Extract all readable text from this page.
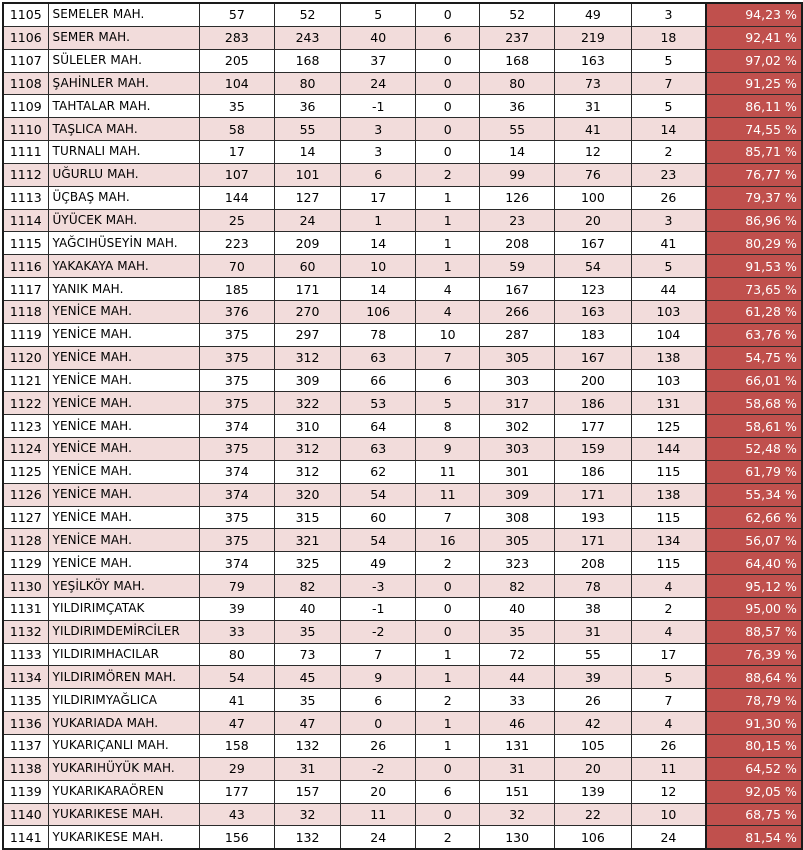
1105	SEMELER MAH.	57	52	5	0	52	49	3	94,23 %
1106	SEMER MAH.	283	243	40	6	237	219	18	92,41 %
1107	SÜLELER MAH.	205	168	37	0	168	163	5	97,02 %
1108	ŞAHİNLER MAH.	104	80	24	0	80	73	7	91,25 %
1109	TAHTALAR MAH.	35	36	-1	0	36	31	5	86,11 %
1110	TAŞLICA MAH.	58	55	3	0	55	41	14	74,55 %
1111	TURNALI MAH.	17	14	3	0	14	12	2	85,71 %
1112	UĞURLU MAH.	107	101	6	2	99	76	23	76,77 %
1113	ÜÇBAŞ MAH.	144	127	17	1	126	100	26	79,37 %
1114	ÜYÜCEK MAH.	25	24	1	1	23	20	3	86,96 %
1115	YAĞCIHÜSEYİN MAH.	223	209	14	1	208	167	41	80,29 %
1116	YAKAKAYA MAH.	70	60	10	1	59	54	5	91,53 %
1117	YANIK MAH.	185	171	14	4	167	123	44	73,65 %
1118	YENİCE MAH.	376	270	106	4	266	163	103	61,28 %
1119	YENİCE MAH.	375	297	78	10	287	183	104	63,76 %
1120	YENİCE MAH.	375	312	63	7	305	167	138	54,75 %
1121	YENİCE MAH.	375	309	66	6	303	200	103	66,01 %
1122	YENİCE MAH.	375	322	53	5	317	186	131	58,68 %
1123	YENİCE MAH.	374	310	64	8	302	177	125	58,61 %
1124	YENİCE MAH.	375	312	63	9	303	159	144	52,48 %
1125	YENİCE MAH.	374	312	62	11	301	186	115	61,79 %
1126	YENİCE MAH.	374	320	54	11	309	171	138	55,34 %
1127	YENİCE MAH.	375	315	60	7	308	193	115	62,66 %
1128	YENİCE MAH.	375	321	54	16	305	171	134	56,07 %
1129	YENİCE MAH.	374	325	49	2	323	208	115	64,40 %
1130	YEŞİLKÖY MAH.	79	82	-3	0	82	78	4	95,12 %
1131	YILDIRIMÇATAK	39	40	-1	0	40	38	2	95,00 %
1132	YILDIRIMDEMİRCİLER	33	35	-2	0	35	31	4	88,57 %
1133	YILDIRIMHACILAR	80	73	7	1	72	55	17	76,39 %
1134	YILDIRIMÖREN MAH.	54	45	9	1	44	39	5	88,64 %
1135	YILDIRIMYAĞLICA	41	35	6	2	33	26	7	78,79 %
1136	YUKARIADA MAH.	47	47	0	1	46	42	4	91,30 %
1137	YUKARIÇANLI MAH.	158	132	26	1	131	105	26	80,15 %
1138	YUKARIHÜYÜK MAH.	29	31	-2	0	31	20	11	64,52 %
1139	YUKARIKARAÖREN	177	157	20	6	151	139	12	92,05 %
1140	YUKARIKESE MAH.	43	32	11	0	32	22	10	68,75 %
1141	YUKARIKESE MAH.	156	132	24	2	130	106	24	81,54 %
